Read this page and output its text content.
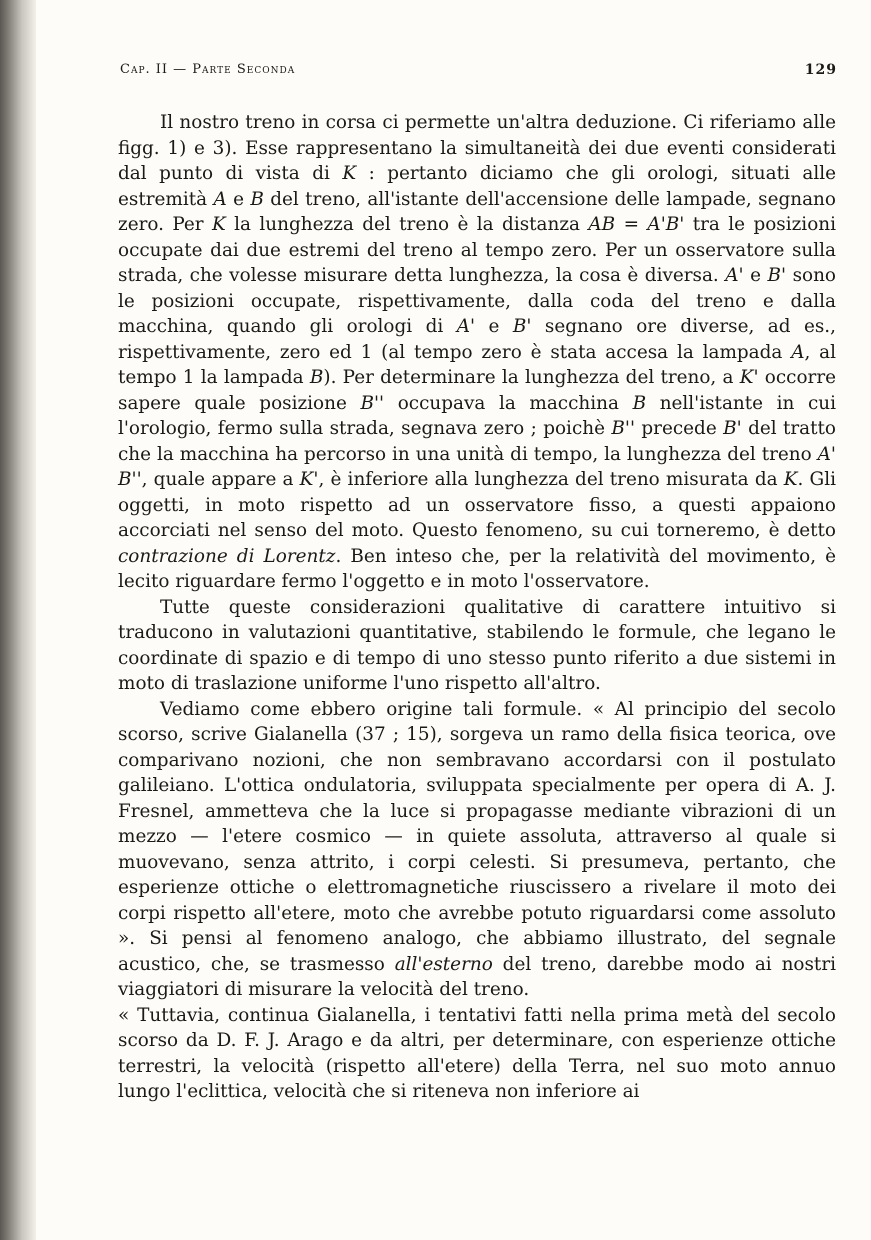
Cap. II — Parte Seconda	129

Il nostro treno in corsa ci permette un'altra deduzione. Ci riferiamo alle figg. 1) e 3). Esse rappresentano la simultaneità dei due eventi considerati dal punto di vista di K : pertanto diciamo che gli orologi, situati alle estremità A e B del treno, all'istante dell'accensione delle lampade, segnano zero. Per K la lunghezza del treno è la distanza AB = A'B' tra le posizioni occupate dai due estremi del treno al tempo zero. Per un osservatore sulla strada, che volesse misurare detta lunghezza, la cosa è diversa. A' e B' sono le posizioni occupate, rispettivamente, dalla coda del treno e dalla macchina, quando gli orologi di A' e B' segnano ore diverse, ad es., rispettivamente, zero ed 1 (al tempo zero è stata accesa la lampada A, al tempo 1 la lampada B). Per determinare la lunghezza del treno, a K' occorre sapere quale posizione B'' occupava la macchina B nell'istante in cui l'orologio, fermo sulla strada, segnava zero ; poichè B'' precede B' del tratto che la macchina ha percorso in una unità di tempo, la lunghezza del treno A' B'', quale appare a K', è inferiore alla lunghezza del treno misurata da K. Gli oggetti, in moto rispetto ad un osservatore fisso, a questi appaiono accorciati nel senso del moto. Questo fenomeno, su cui torneremo, è detto contrazione di Lorentz. Ben inteso che, per la relatività del movimento, è lecito riguardare fermo l'oggetto e in moto l'osservatore.

Tutte queste considerazioni qualitative di carattere intuitivo si traducono in valutazioni quantitative, stabilendo le formule, che legano le coordinate di spazio e di tempo di uno stesso punto riferito a due sistemi in moto di traslazione uniforme l'uno rispetto all'altro.

Vediamo come ebbero origine tali formule. « Al principio del secolo scorso, scrive Gialanella (37 ; 15), sorgeva un ramo della fisica teorica, ove comparivano nozioni, che non sembravano accordarsi con il postulato galileiano. L'ottica ondulatoria, sviluppata specialmente per opera di A. J. Fresnel, ammetteva che la luce si propagasse mediante vibrazioni di un mezzo — l'etere cosmico — in quiete assoluta, attraverso al quale si muovevano, senza attrito, i corpi celesti. Si presumeva, pertanto, che esperienze ottiche o elettromagnetiche riuscissero a rivelare il moto dei corpi rispetto all'etere, moto che avrebbe potuto riguardarsi come assoluto ». Si pensi al fenomeno analogo, che abbiamo illustrato, del segnale acustico, che, se trasmesso all'esterno del treno, darebbe modo ai nostri viaggiatori di misurare la velocità del treno.

« Tuttavia, continua Gialanella, i tentativi fatti nella prima metà del secolo scorso da D. F. J. Arago e da altri, per determinare, con esperienze ottiche terrestri, la velocità (rispetto all'etere) della Terra, nel suo moto annuo lungo l'eclittica, velocità che si riteneva non inferiore ai
